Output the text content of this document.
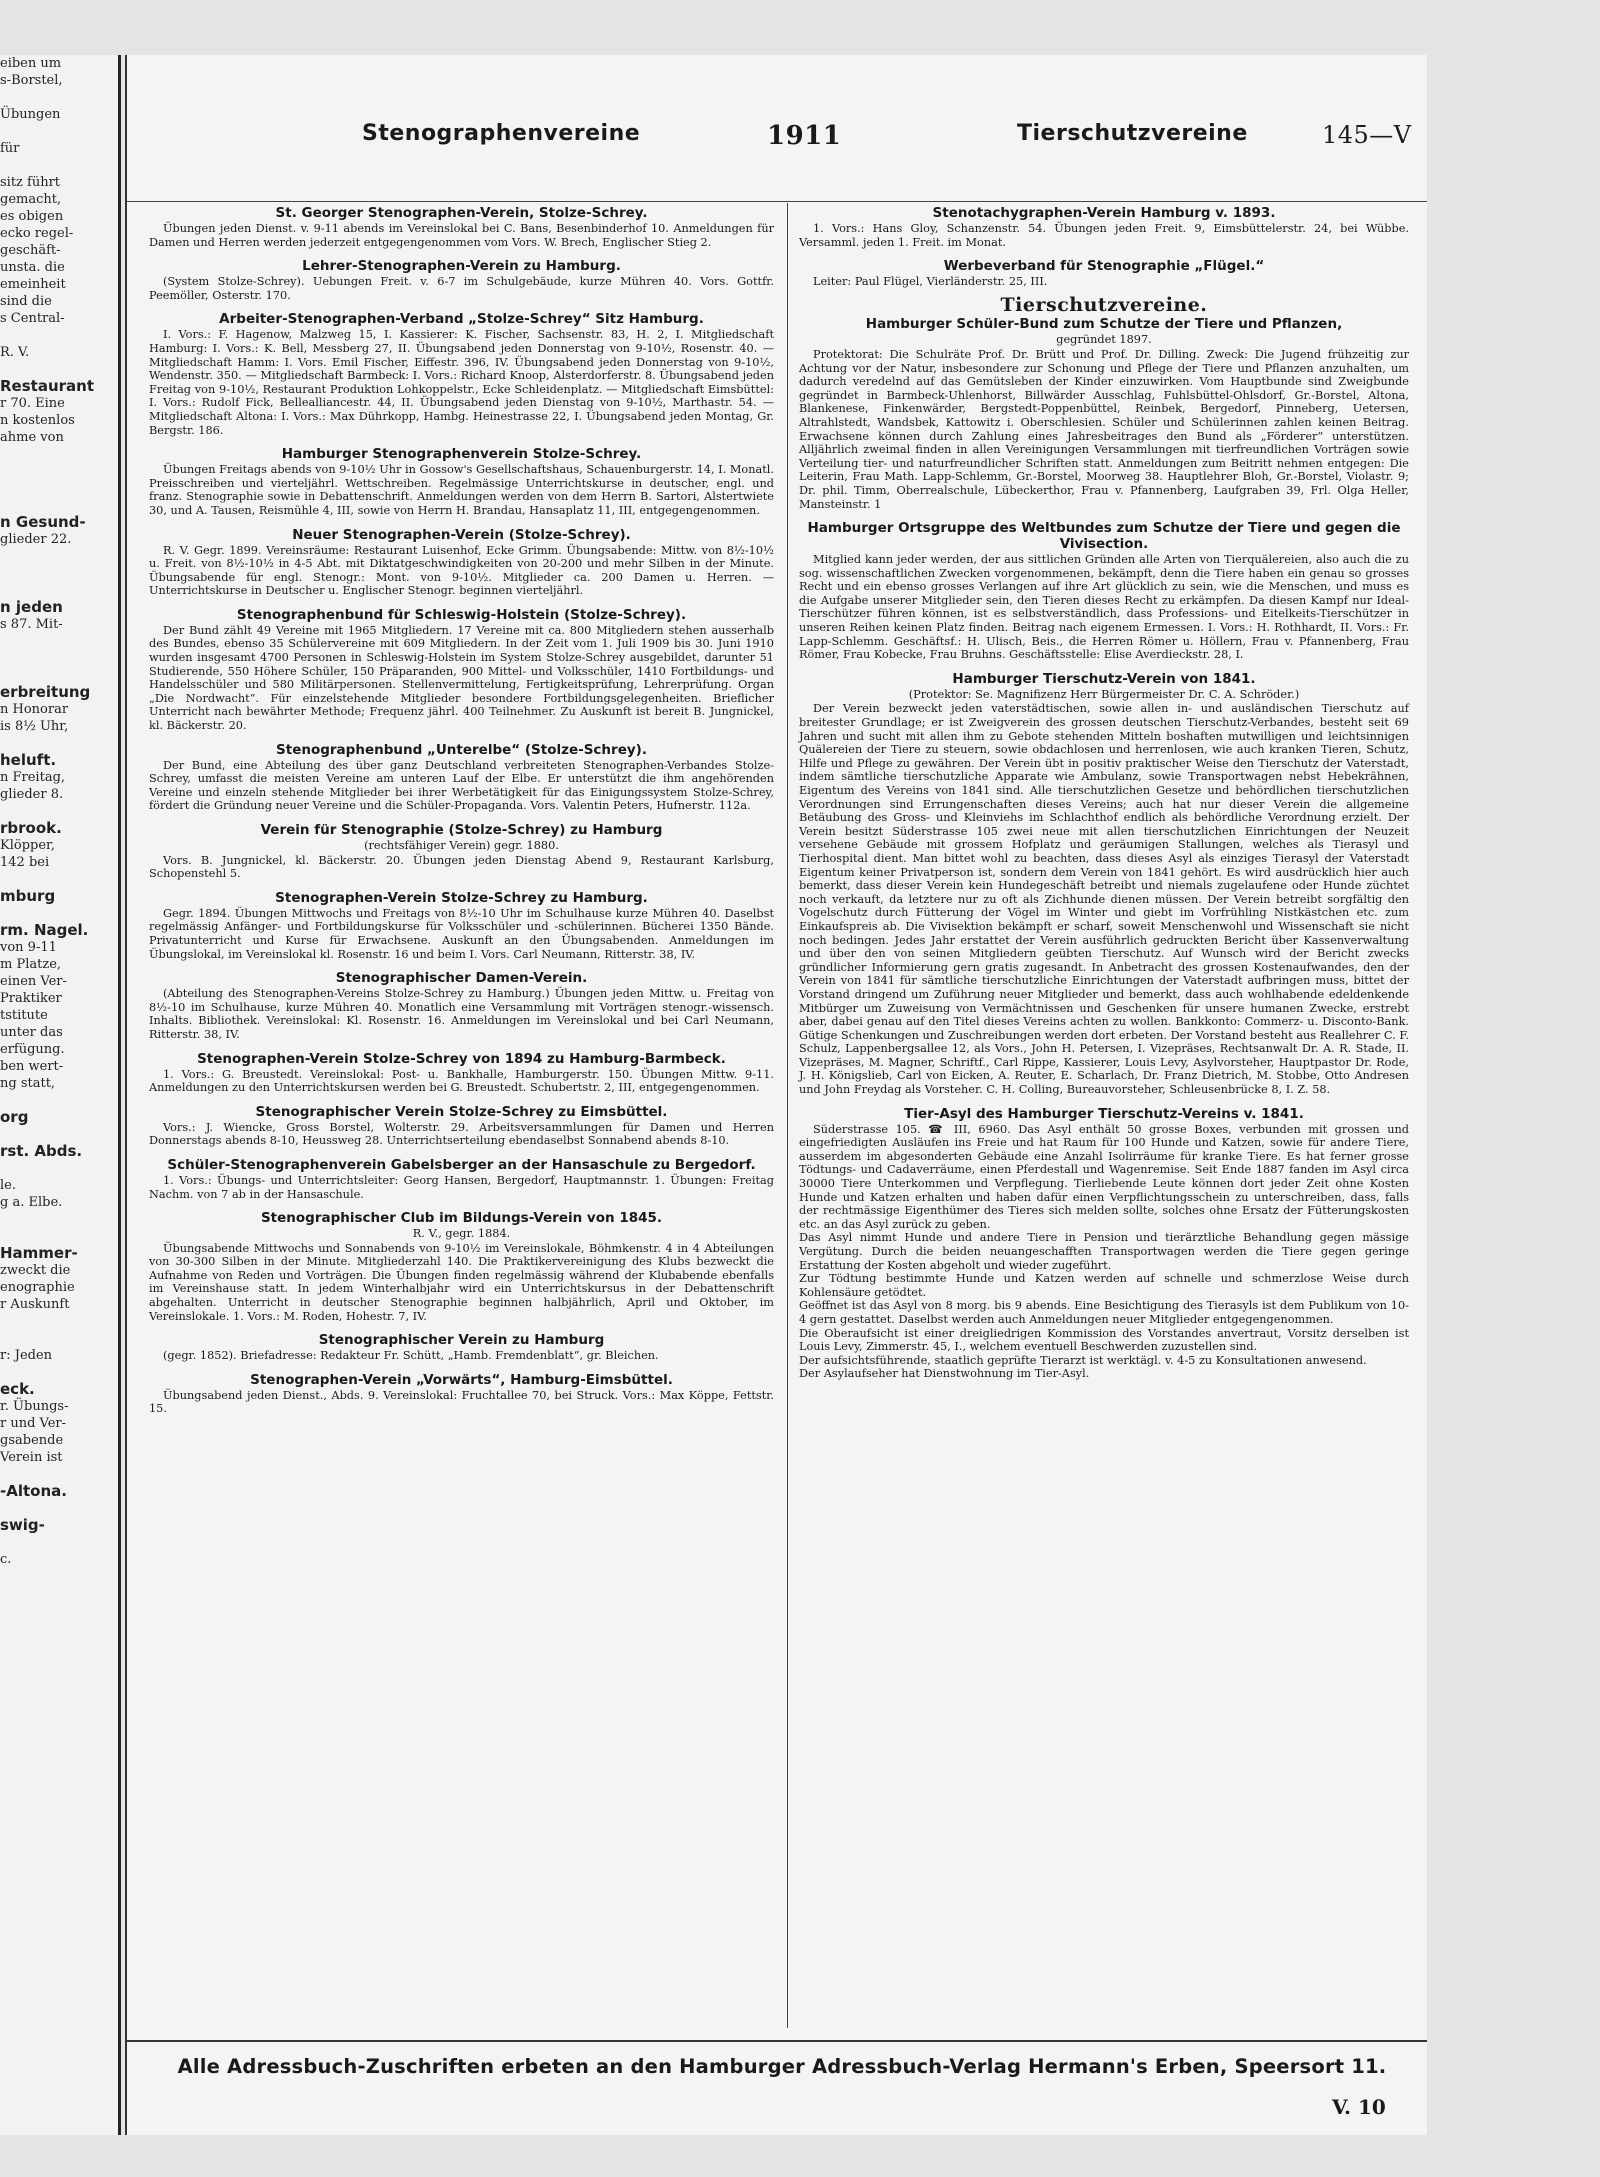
eiben um
s-Borstel,

Übungen

für

sitz führt
gemacht,
es obigen
ecko regel-
geschäft-
unsta. die
emeinheit
sind die
s Central-

R. V.

Restaurant
r 70. Eine
n kostenlos
ahme von

n Gesund-
glieder 22.

n jeden
s 87. Mit-

erbreitung
n Honorar
is 8½ Uhr,

heluft.
n Freitag,
glieder 8.

rbrook.
Klöpper,
142 bei

mburg

rm. Nagel.
von 9-11
m Platze,
einen Ver-
Praktiker
tstitute
unter das
erfügung.
ben wert-
ng statt,

org

rst. Abds.

le.
g a. Elbe.

Hammer-
zweckt die
enographie
r Auskunft

r: Jeden

eck.
r. Übungs-
r und Ver-
gsabende
Verein ist

-Altona.

swig-

c.
Stenographenvereine	1911	Tierschutzvereine	145—V
St. Georger Stenographen-Verein, Stolze-Schrey.
Übungen jeden Dienst. v. 9-11 abends im Vereinslokal bei C. Bans, Besenbinderhof 10. Anmeldungen für Damen und Herren werden jederzeit entgegengenommen vom Vors. W. Brech, Englischer Stieg 2.
Lehrer-Stenographen-Verein zu Hamburg.
(System Stolze-Schrey). Uebungen Freit. v. 6-7 im Schulgebäude, kurze Mühren 40. Vors. Gottfr. Peemöller, Osterstr. 170.
Arbeiter-Stenographen-Verband „Stolze-Schrey“ Sitz Hamburg.
I. Vors.: F. Hagenow, Malzweg 15, I. Kassierer: K. Fischer, Sachsenstr. 83, H. 2, I. Mitgliedschaft Hamburg: I. Vors.: K. Bell, Messberg 27, II. Übungsabend jeden Donnerstag von 9-10½, Rosenstr. 40. — Mitgliedschaft Hamm: I. Vors. Emil Fischer, Eiffestr. 396, IV. Übungsabend jeden Donnerstag von 9-10½, Wendenstr. 350. — Mitgliedschaft Barmbeck: I. Vors.: Richard Knoop, Alsterdorferstr. 8. Übungsabend jeden Freitag von 9-10½, Restaurant Produktion Lohkoppelstr., Ecke Schleidenplatz. — Mitgliedschaft Eimsbüttel: I. Vors.: Rudolf Fick, Bellealliancestr. 44, II. Übungsabend jeden Dienstag von 9-10½, Marthastr. 54. — Mitgliedschaft Altona: I. Vors.: Max Dührkopp, Hambg. Heinestrasse 22, I. Übungsabend jeden Montag, Gr. Bergstr. 186.
Hamburger Stenographenverein Stolze-Schrey.
Übungen Freitags abends von 9-10½ Uhr in Gossow's Gesellschaftshaus, Schauenburgerstr. 14, I. Monatl. Preisschreiben und vierteljährl. Wettschreiben. Regelmässige Unterrichtskurse in deutscher, engl. und franz. Stenographie sowie in Debattenschrift. Anmeldungen werden von dem Herrn B. Sartori, Alstertwiete 30, und A. Tausen, Reismühle 4, III, sowie von Herrn H. Brandau, Hansaplatz 11, III, entgegengenommen.
Neuer Stenographen-Verein (Stolze-Schrey).
R. V. Gegr. 1899. Vereinsräume: Restaurant Luisenhof, Ecke Grimm. Übungsabende: Mittw. von 8½-10½ u. Freit. von 8½-10½ in 4-5 Abt. mit Diktatgeschwindigkeiten von 20-200 und mehr Silben in der Minute. Übungsabende für engl. Stenogr.: Mont. von 9-10½. Mitglieder ca. 200 Damen u. Herren. — Unterrichtskurse in Deutscher u. Englischer Stenogr. beginnen vierteljährl.
Stenographenbund für Schleswig-Holstein (Stolze-Schrey).
Der Bund zählt 49 Vereine mit 1965 Mitgliedern. 17 Vereine mit ca. 800 Mitgliedern stehen ausserhalb des Bundes, ebenso 35 Schülervereine mit 609 Mitgliedern. In der Zeit vom 1. Juli 1909 bis 30. Juni 1910 wurden insgesamt 4700 Personen in Schleswig-Holstein im System Stolze-Schrey ausgebildet, darunter 51 Studierende, 550 Höhere Schüler, 150 Präparanden, 900 Mittel- und Volksschüler, 1410 Fortbildungs- und Handelsschüler und 580 Militärpersonen. Stellenvermittelung, Fertigkeitsprüfung, Lehrerprüfung. Organ „Die Nordwacht“. Für einzelstehende Mitglieder besondere Fortbildungsgelegenheiten. Brieflicher Unterricht nach bewährter Methode; Frequenz jährl. 400 Teilnehmer. Zu Auskunft ist bereit B. Jungnickel, kl. Bäckerstr. 20.
Stenographenbund „Unterelbe“ (Stolze-Schrey).
Der Bund, eine Abteilung des über ganz Deutschland verbreiteten Stenographen-Verbandes Stolze-Schrey, umfasst die meisten Vereine am unteren Lauf der Elbe. Er unterstützt die ihm angehörenden Vereine und einzeln stehende Mitglieder bei ihrer Werbetätigkeit für das Einigungssystem Stolze-Schrey, fördert die Gründung neuer Vereine und die Schüler-Propaganda. Vors. Valentin Peters, Hufnerstr. 112a.
Verein für Stenographie (Stolze-Schrey) zu Hamburg
(rechtsfähiger Verein) gegr. 1880.
Vors. B. Jungnickel, kl. Bäckerstr. 20. Übungen jeden Dienstag Abend 9, Restaurant Karlsburg, Schopenstehl 5.
Stenographen-Verein Stolze-Schrey zu Hamburg.
Gegr. 1894. Übungen Mittwochs und Freitags von 8½-10 Uhr im Schulhause kurze Mühren 40. Daselbst regelmässig Anfänger- und Fortbildungskurse für Volksschüler und -schülerinnen. Bücherei 1350 Bände. Privatunterricht und Kurse für Erwachsene. Auskunft an den Übungsabenden. Anmeldungen im Übungslokal, im Vereinslokal kl. Rosenstr. 16 und beim I. Vors. Carl Neumann, Ritterstr. 38, IV.
Stenographischer Damen-Verein.
(Abteilung des Stenographen-Vereins Stolze-Schrey zu Hamburg.) Übungen jeden Mittw. u. Freitag von 8½-10 im Schulhause, kurze Mühren 40. Monatlich eine Versammlung mit Vorträgen stenogr.-wissensch. Inhalts. Bibliothek. Vereinslokal: Kl. Rosenstr. 16. Anmeldungen im Vereinslokal und bei Carl Neumann, Ritterstr. 38, IV.
Stenographen-Verein Stolze-Schrey von 1894 zu Hamburg-Barmbeck.
1. Vors.: G. Breustedt. Vereinslokal: Post- u. Bankhalle, Hamburgerstr. 150. Übungen Mittw. 9-11. Anmeldungen zu den Unterrichtskursen werden bei G. Breustedt. Schubertstr. 2, III, entgegengenommen.
Stenographischer Verein Stolze-Schrey zu Eimsbüttel.
Vors.: J. Wiencke, Gross Borstel, Wolterstr. 29. Arbeitsversammlungen für Damen und Herren Donnerstags abends 8-10, Heussweg 28. Unterrichtserteilung ebendaselbst Sonnabend abends 8-10.
Schüler-Stenographenverein Gabelsberger an der Hansaschule zu Bergedorf.
1. Vors.: Übungs- und Unterrichtsleiter: Georg Hansen, Bergedorf, Hauptmannstr. 1. Übungen: Freitag Nachm. von 7 ab in der Hansaschule.
Stenographischer Club im Bildungs-Verein von 1845.
R. V., gegr. 1884.
Übungsabende Mittwochs und Sonnabends von 9-10½ im Vereinslokale, Böhmkenstr. 4 in 4 Abteilungen von 30-300 Silben in der Minute. Mitgliederzahl 140. Die Praktikervereinigung des Klubs bezweckt die Aufnahme von Reden und Vorträgen. Die Übungen finden regelmässig während der Klubabende ebenfalls im Vereinshause statt. In jedem Winterhalbjahr wird ein Unterrichtskursus in der Debattenschrift abgehalten. Unterricht in deutscher Stenographie beginnen halbjährlich, April und Oktober, im Vereinslokale. 1. Vors.: M. Roden, Hohestr. 7, IV.
Stenographischer Verein zu Hamburg
(gegr. 1852). Briefadresse: Redakteur Fr. Schütt, „Hamb. Fremdenblatt“, gr. Bleichen.
Stenographen-Verein „Vorwärts“, Hamburg-Eimsbüttel.
Übungsabend jeden Dienst., Abds. 9. Vereinslokal: Fruchtallee 70, bei Struck. Vors.: Max Köppe, Fettstr. 15.
Stenotachygraphen-Verein Hamburg v. 1893.
1. Vors.: Hans Gloy, Schanzenstr. 54. Übungen jeden Freit. 9, Eimsbüttelerstr. 24, bei Wübbe. Versamml. jeden 1. Freit. im Monat.
Werbeverband für Stenographie „Flügel.“
Leiter: Paul Flügel, Vierländerstr. 25, III.
Tierschutzvereine.
Hamburger Schüler-Bund zum Schutze der Tiere und Pflanzen,
gegründet 1897.
Protektorat: Die Schulräte Prof. Dr. Brütt und Prof. Dr. Dilling. Zweck: Die Jugend frühzeitig zur Achtung vor der Natur, insbesondere zur Schonung und Pflege der Tiere und Pflanzen anzuhalten, um dadurch veredelnd auf das Gemütsleben der Kinder einzuwirken. Vom Hauptbunde sind Zweigbunde gegründet in Barmbeck-Uhlenhorst, Billwärder Ausschlag, Fuhlsbüttel-Ohlsdorf, Gr.-Borstel, Altona, Blankenese, Finkenwärder, Bergstedt-Poppenbüttel, Reinbek, Bergedorf, Pinneberg, Uetersen, Altrahlstedt, Wandsbek, Kattowitz i. Oberschlesien. Schüler und Schülerinnen zahlen keinen Beitrag. Erwachsene können durch Zahlung eines Jahresbeitrages den Bund als „Förderer“ unterstützen. Alljährlich zweimal finden in allen Vereinigungen Versammlungen mit tierfreundlichen Vorträgen sowie Verteilung tier- und naturfreundlicher Schriften statt. Anmeldungen zum Beitritt nehmen entgegen: Die Leiterin, Frau Math. Lapp-Schlemm, Gr.-Borstel, Moorweg 38. Hauptlehrer Bloh, Gr.-Borstel, Violastr. 9; Dr. phil. Timm, Oberrealschule, Lübeckerthor, Frau v. Pfannenberg, Laufgraben 39, Frl. Olga Heller, Mansteinstr. 1
Hamburger Ortsgruppe des Weltbundes zum Schutze der Tiere und gegen die Vivisection.
Mitglied kann jeder werden, der aus sittlichen Gründen alle Arten von Tierquälereien, also auch die zu sog. wissenschaftlichen Zwecken vorgenommenen, bekämpft, denn die Tiere haben ein genau so grosses Recht und ein ebenso grosses Verlangen auf ihre Art glücklich zu sein, wie die Menschen, und muss es die Aufgabe unserer Mitglieder sein, den Tieren dieses Recht zu erkämpfen. Da diesen Kampf nur Ideal-Tierschützer führen können, ist es selbstverständlich, dass Professions- und Eitelkeits-Tierschützer in unseren Reihen keinen Platz finden. Beitrag nach eigenem Ermessen. I. Vors.: H. Rothhardt, II. Vors.: Fr. Lapp-Schlemm. Geschäftsf.: H. Ulisch, Beis., die Herren Römer u. Höllern, Frau v. Pfannenberg, Frau Römer, Frau Kobecke, Frau Bruhns. Geschäftsstelle: Elise Averdieckstr. 28, I.
Hamburger Tierschutz-Verein von 1841.
(Protektor: Se. Magnifizenz Herr Bürgermeister Dr. C. A. Schröder.)
Der Verein bezweckt jeden vaterstädtischen, sowie allen in- und ausländischen Tierschutz auf breitester Grundlage; er ist Zweigverein des grossen deutschen Tierschutz-Verbandes, besteht seit 69 Jahren und sucht mit allen ihm zu Gebote stehenden Mitteln boshaften mutwilligen und leichtsinnigen Quälereien der Tiere zu steuern, sowie obdachlosen und herrenlosen, wie auch kranken Tieren, Schutz, Hilfe und Pflege zu gewähren. Der Verein übt in positiv praktischer Weise den Tierschutz der Vaterstadt, indem sämtliche tierschutzliche Apparate wie Ambulanz, sowie Transportwagen nebst Hebekrähnen, Eigentum des Vereins von 1841 sind. Alle tierschutzlichen Gesetze und behördlichen tierschutzlichen Verordnungen sind Errungenschaften dieses Vereins; auch hat nur dieser Verein die allgemeine Betäubung des Gross- und Kleinviehs im Schlachthof endlich als behördliche Verordnung erzielt. Der Verein besitzt Süderstrasse 105 zwei neue mit allen tierschutzlichen Einrichtungen der Neuzeit versehene Gebäude mit grossem Hofplatz und geräumigen Stallungen, welches als Tierasyl und Tierhospital dient. Man bittet wohl zu beachten, dass dieses Asyl als einziges Tierasyl der Vaterstadt Eigentum keiner Privatperson ist, sondern dem Verein von 1841 gehört. Es wird ausdrücklich hier auch bemerkt, dass dieser Verein kein Hundegeschäft betreibt und niemals zugelaufene oder Hunde züchtet noch verkauft, da letztere nur zu oft als Zichhunde dienen müssen. Der Verein betreibt sorgfältig den Vogelschutz durch Fütterung der Vögel im Winter und giebt im Vorfrühling Nistkästchen etc. zum Einkaufspreis ab. Die Vivisektion bekämpft er scharf, soweit Menschenwohl und Wissenschaft sie nicht noch bedingen. Jedes Jahr erstattet der Verein ausführlich gedruckten Bericht über Kassenverwaltung und über den von seinen Mitgliedern geübten Tierschutz. Auf Wunsch wird der Bericht zwecks gründlicher Informierung gern gratis zugesandt. In Anbetracht des grossen Kostenaufwandes, den der Verein von 1841 für sämtliche tierschutzliche Einrichtungen der Vaterstadt aufbringen muss, bittet der Vorstand dringend um Zuführung neuer Mitglieder und bemerkt, dass auch wohlhabende edeldenkende Mitbürger um Zuweisung von Vermächtnissen und Geschenken für unsere humanen Zwecke, erstrebt aber, dabei genau auf den Titel dieses Vereins achten zu wollen. Bankkonto: Commerz- u. Disconto-Bank. Gütige Schenkungen und Zuschreibungen werden dort erbeten. Der Vorstand besteht aus Reallehrer C. F. Schulz, Lappenbergsallee 12, als Vors., John H. Petersen, I. Vizepräses, Rechtsanwalt Dr. A. R. Stade, II. Vizepräses, M. Magner, Schriftf., Carl Rippe, Kassierer, Louis Levy, Asylvorsteher, Hauptpastor Dr. Rode, J. H. Königslieb, Carl von Eicken, A. Reuter, E. Scharlach, Dr. Franz Dietrich, M. Stobbe, Otto Andresen und John Freydag als Vorsteher. C. H. Colling, Bureauvorsteher, Schleusenbrücke 8, I. Z. 58.
Tier-Asyl des Hamburger Tierschutz-Vereins v. 1841.
Süderstrasse 105. ☎ III, 6960. Das Asyl enthält 50 grosse Boxes, verbunden mit grossen und eingefriedigten Ausläufen ins Freie und hat Raum für 100 Hunde und Katzen, sowie für andere Tiere, ausserdem im abgesonderten Gebäude eine Anzahl Isolirräume für kranke Tiere. Es hat ferner grosse Tödtungs- und Cadaverräume, einen Pferdestall und Wagenremise. Seit Ende 1887 fanden im Asyl circa 30000 Tiere Unterkommen und Verpflegung. Tierliebende Leute können dort jeder Zeit ohne Kosten Hunde und Katzen erhalten und haben dafür einen Verpflichtungsschein zu unterschreiben, dass, falls der rechtmässige Eigenthümer des Tieres sich melden sollte, solches ohne Ersatz der Fütterungskosten etc. an das Asyl zurück zu geben.
Das Asyl nimmt Hunde und andere Tiere in Pension und tierärztliche Behandlung gegen mässige Vergütung. Durch die beiden neuangeschafften Transportwagen werden die Tiere gegen geringe Erstattung der Kosten abgeholt und wieder zugeführt.
Zur Tödtung bestimmte Hunde und Katzen werden auf schnelle und schmerzlose Weise durch Kohlensäure getödtet.
Geöffnet ist das Asyl von 8 morg. bis 9 abends. Eine Besichtigung des Tierasyls ist dem Publikum von 10-4 gern gestattet. Daselbst werden auch Anmeldungen neuer Mitglieder entgegengenommen.
Die Oberaufsicht ist einer dreigliedrigen Kommission des Vorstandes anvertraut, Vorsitz derselben ist Louis Levy, Zimmerstr. 45, I., welchem eventuell Beschwerden zuzustellen sind.
Der aufsichtsführende, staatlich geprüfte Tierarzt ist werktägl. v. 4-5 zu Konsultationen anwesend.
Der Asylaufseher hat Dienstwohnung im Tier-Asyl.
Alle Adressbuch-Zuschriften erbeten an den Hamburger Adressbuch-Verlag Hermann's Erben, Speersort 11.
V. 10
